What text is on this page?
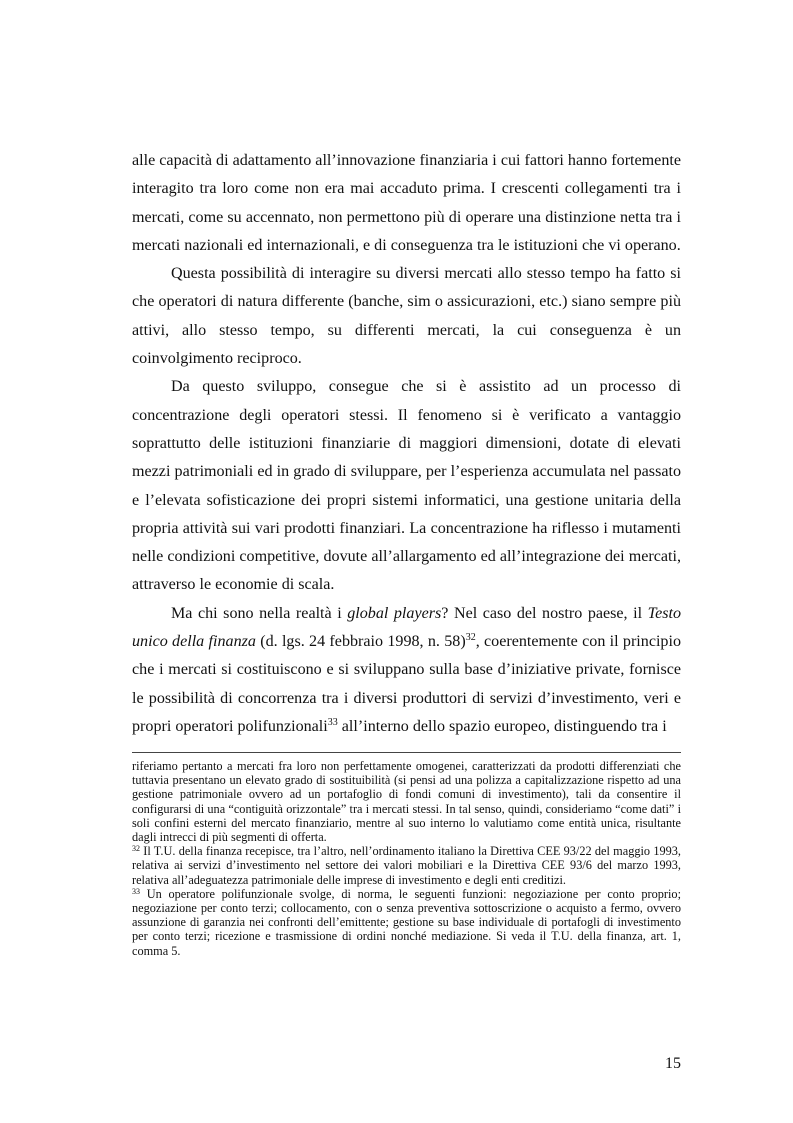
alle capacità di adattamento all’innovazione finanziaria i cui fattori hanno fortemente interagito tra loro come non era mai accaduto prima. I crescenti collegamenti tra i mercati, come su accennato, non permettono più di operare una distinzione netta tra i mercati nazionali ed internazionali, e di conseguenza tra le istituzioni che vi operano.

Questa possibilità di interagire su diversi mercati allo stesso tempo ha fatto si che operatori di natura differente (banche, sim o assicurazioni, etc.) siano sempre più attivi, allo stesso tempo, su differenti mercati, la cui conseguenza è un coinvolgimento reciproco.

Da questo sviluppo, consegue che si è assistito ad un processo di concentrazione degli operatori stessi. Il fenomeno si è verificato a vantaggio soprattutto delle istituzioni finanziarie di maggiori dimensioni, dotate di elevati mezzi patrimoniali ed in grado di sviluppare, per l’esperienza accumulata nel passato e l’elevata sofisticazione dei propri sistemi informatici, una gestione unitaria della propria attività sui vari prodotti finanziari. La concentrazione ha riflesso i mutamenti nelle condizioni competitive, dovute all’allargamento ed all’integrazione dei mercati, attraverso le economie di scala.

Ma chi sono nella realtà i global players? Nel caso del nostro paese, il Testo unico della finanza (d. lgs. 24 febbraio 1998, n. 58)$^{32}$, coerentemente con il principio che i mercati si costituiscono e si sviluppano sulla base d’iniziative private, fornisce le possibilità di concorrenza tra i diversi produttori di servizi d’investimento, veri e propri operatori polifunzionali$^{33}$ all’interno dello spazio europeo, distinguendo tra i

riferiamo pertanto a mercati fra loro non perfettamente omogenei, caratterizzati da prodotti differenziati che tuttavia presentano un elevato grado di sostituibilità (si pensi ad una polizza a capitalizzazione rispetto ad una gestione patrimoniale ovvero ad un portafoglio di fondi comuni di investimento), tali da consentire il configurarsi di una “contiguità orizzontale” tra i mercati stessi. In tal senso, quindi, consideriamo “come dati” i soli confini esterni del mercato finanziario, mentre al suo interno lo valutiamo come entità unica, risultante dagli intrecci di più segmenti di offerta.

$^{32}$ Il T.U. della finanza recepisce, tra l’altro, nell’ordinamento italiano la Direttiva CEE 93/22 del maggio 1993, relativa ai servizi d’investimento nel settore dei valori mobiliari e la Direttiva CEE 93/6 del marzo 1993, relativa all’adeguatezza patrimoniale delle imprese di investimento e degli enti creditizi.

$^{33}$ Un operatore polifunzionale svolge, di norma, le seguenti funzioni: negoziazione per conto proprio; negoziazione per conto terzi; collocamento, con o senza preventiva sottoscrizione o acquisto a fermo, ovvero assunzione di garanzia nei confronti dell’emittente; gestione su base individuale di portafogli di investimento per conto terzi; ricezione e trasmissione di ordini nonché mediazione. Si veda il T.U. della finanza, art. 1, comma 5.

15
